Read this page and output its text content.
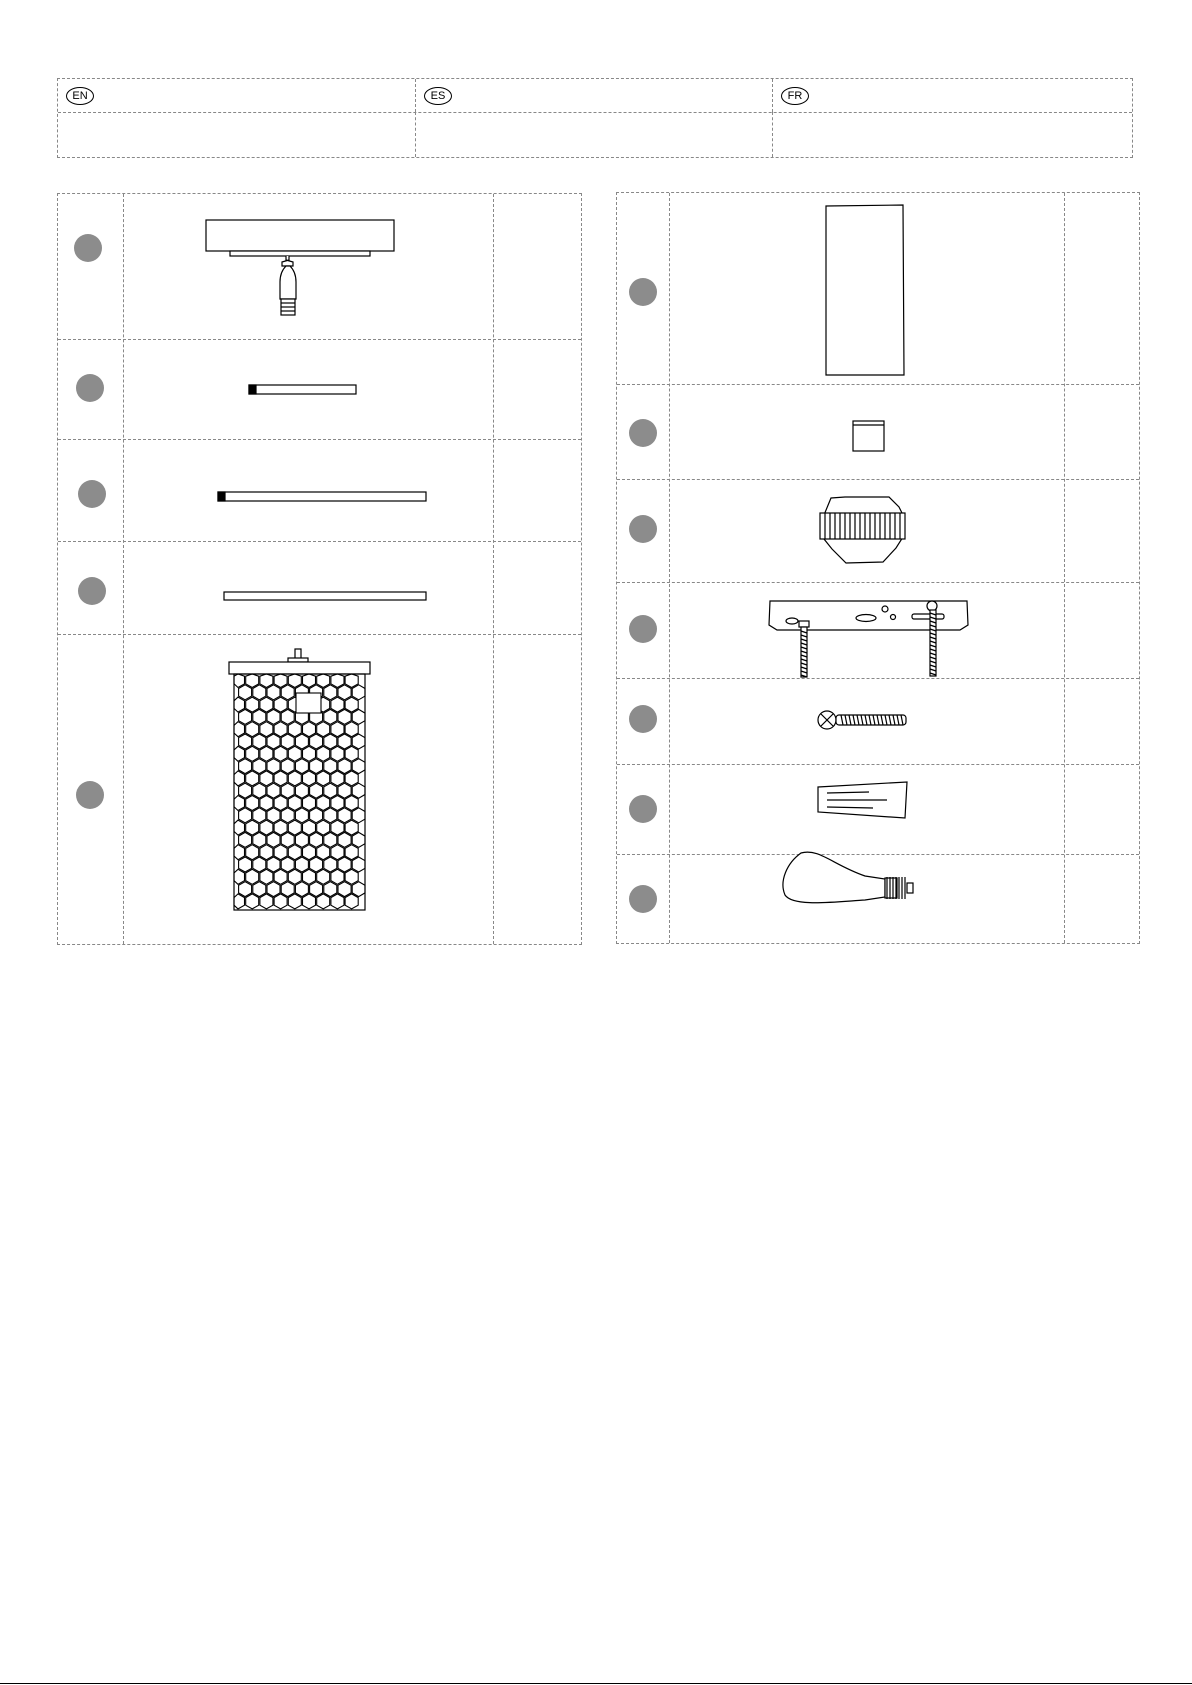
EN	ES	FR
